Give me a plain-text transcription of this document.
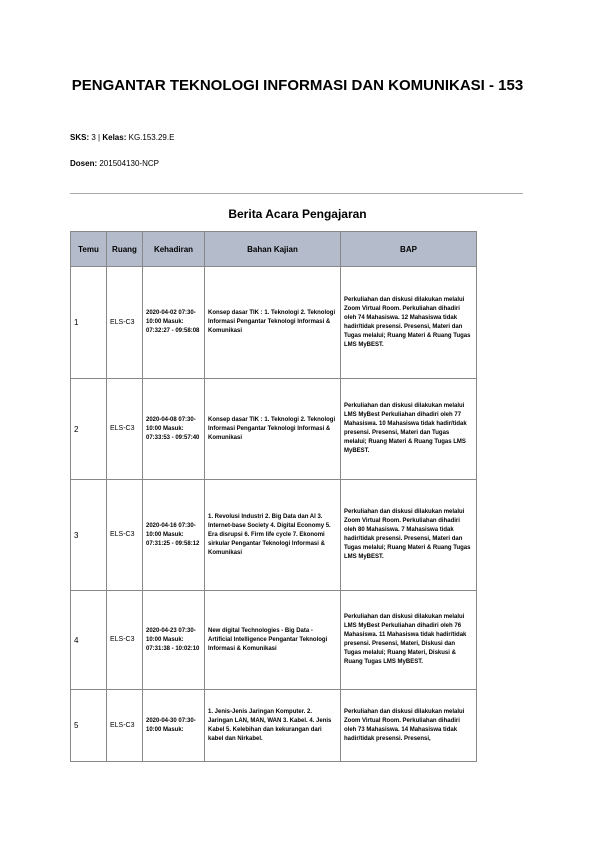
PENGANTAR TEKNOLOGI INFORMASI DAN KOMUNIKASI - 153
SKS: 3 | Kelas: KG.153.29.E
Dosen: 201504130-NCP
Berita Acara Pengajaran
Temu	Ruang	Kehadiran	Bahan Kajian	BAP
1	ELS-C3	2020-04-02 07:30-10:00 Masuk: 07:32:27 - 09:58:08	Konsep dasar TIK : 1. Teknologi 2. Teknologi Informasi Pengantar Teknologi Informasi & Komunikasi	Perkuliahan dan diskusi dilakukan melalui Zoom Virtual Room. Perkuliahan dihadiri oleh 74 Mahasiswa. 12 Mahasiswa tidak hadir/tidak presensi. Presensi, Materi dan Tugas melalui; Ruang Materi & Ruang Tugas LMS MyBEST.
2	ELS-C3	2020-04-08 07:30-10:00 Masuk: 07:33:53 - 09:57:40	Konsep dasar TIK : 1. Teknologi 2. Teknologi Informasi Pengantar Teknologi Informasi & Komunikasi	Perkuliahan dan diskusi dilakukan melalui LMS MyBest Perkuliahan dihadiri oleh 77 Mahasiswa. 10 Mahasiswa tidak hadir/tidak presensi. Presensi, Materi dan Tugas melalui; Ruang Materi & Ruang Tugas LMS MyBEST.
3	ELS-C3	2020-04-16 07:30-10:00 Masuk: 07:31:25 - 09:58:12	1. Revolusi Industri 2. Big Data dan AI 3. Internet-base Society 4. Digital Economy 5. Era disrupsi 6. Firm life cycle 7. Ekonomi sirkular Pengantar Teknologi Informasi & Komunikasi	Perkuliahan dan diskusi dilakukan melalui Zoom Virtual Room. Perkuliahan dihadiri oleh 80 Mahasiswa. 7 Mahasiswa tidak hadir/tidak presensi. Presensi, Materi dan Tugas melalui; Ruang Materi & Ruang Tugas LMS MyBEST.
4	ELS-C3	2020-04-23 07:30-10:00 Masuk: 07:31:38 - 10:02:10	New digital Technologies - Big Data - Artificial Intelligence Pengantar Teknologi Informasi & Komunikasi	Perkuliahan dan diskusi dilakukan melalui LMS MyBest Perkuliahan dihadiri oleh 76 Mahasiswa. 11 Mahasiswa tidak hadir/tidak presensi. Presensi, Materi, Diskusi dan Tugas melalui; Ruang Materi, Diskusi & Ruang Tugas LMS MyBEST.
5	ELS-C3	2020-04-30 07:30-10:00 Masuk:	1. Jenis-Jenis Jaringan Komputer. 2. Jaringan LAN, MAN, WAN 3. Kabel. 4. Jenis Kabel 5. Kelebihan dan kekurangan dari kabel dan Nirkabel.	Perkuliahan dan diskusi dilakukan melalui Zoom Virtual Room. Perkuliahan dihadiri oleh 73 Mahasiswa. 14 Mahasiswa tidak hadir/tidak presensi. Presensi,
